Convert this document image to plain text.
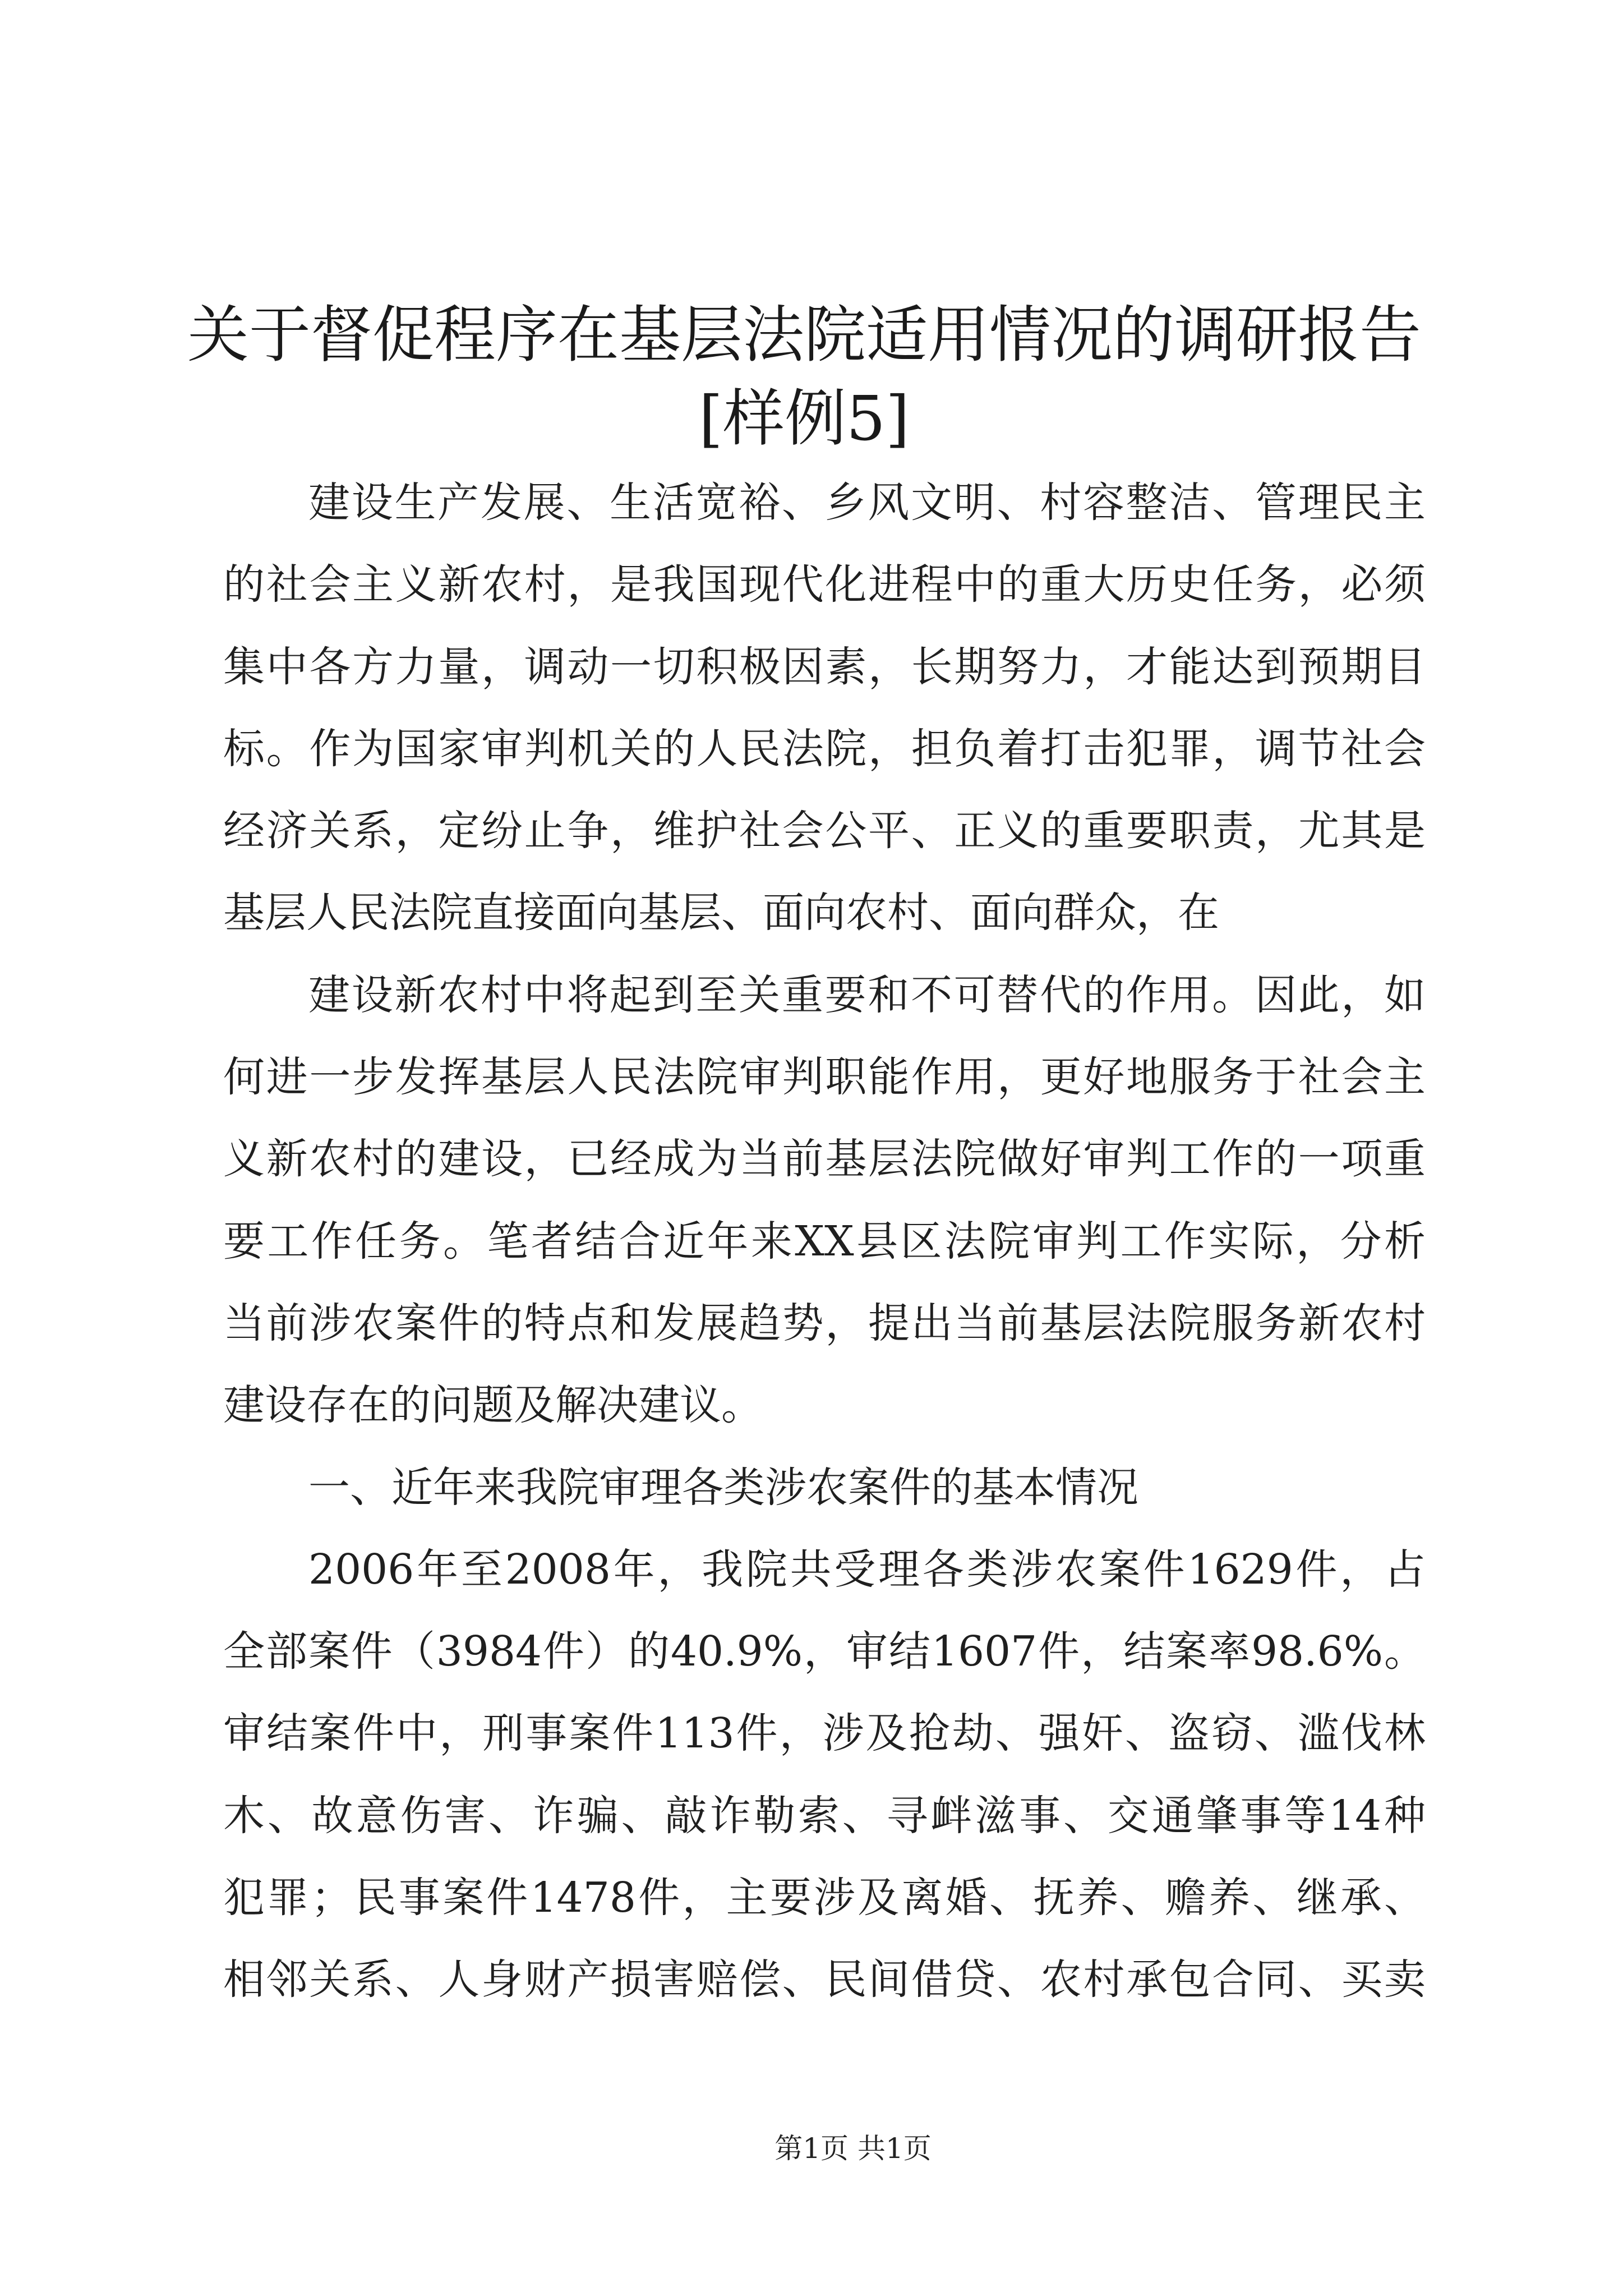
关于督促程序在基层法院适用情况的调研报告
[样例5]
建设生产发展、生活宽裕、乡风文明、村容整洁、管理民主
的社会主义新农村，是我国现代化进程中的重大历史任务，必须
集中各方力量，调动一切积极因素，长期努力，才能达到预期目
标。作为国家审判机关的人民法院，担负着打击犯罪，调节社会
经济关系，定纷止争，维护社会公平、正义的重要职责，尤其是
基层人民法院直接面向基层、面向农村、面向群众，在
建设新农村中将起到至关重要和不可替代的作用。因此，如
何进一步发挥基层人民法院审判职能作用，更好地服务于社会主
义新农村的建设，已经成为当前基层法院做好审判工作的一项重
要工作任务。笔者结合近年来XX县区法院审判工作实际，分析
当前涉农案件的特点和发展趋势，提出当前基层法院服务新农村
建设存在的问题及解决建议。
一、近年来我院审理各类涉农案件的基本情况
2006年至2008年，我院共受理各类涉农案件1629件，占
全部案件（3984件）的40.9%，审结1607件，结案率98.6%。
审结案件中，刑事案件113件，涉及抢劫、强奸、盗窃、滥伐林
木、故意伤害、诈骗、敲诈勒索、寻衅滋事、交通肇事等14种
犯罪；民事案件1478件，主要涉及离婚、抚养、赡养、继承、
相邻关系、人身财产损害赔偿、民间借贷、农村承包合同、买卖
第1页 共1页
